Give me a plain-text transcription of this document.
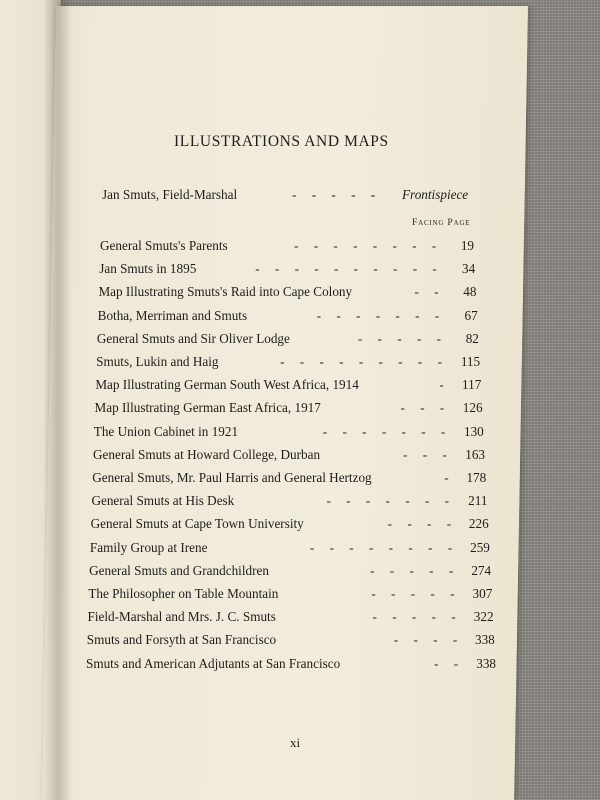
ILLUSTRATIONS AND MAPS
Jan Smuts, Field-Marshal	- - - - - Frontispiece
Facing Page
General Smuts's Parents	19
- - - - - - - -
Jan Smuts in 1895	34
- - - - - - - - - -
Map Illustrating Smuts's Raid into Cape Colony	48
- -
Botha, Merriman and Smuts	67
- - - - - - -
General Smuts and Sir Oliver Lodge	82
- - - - -
Smuts, Lukin and Haig	115
- - - - - - - - -
Map Illustrating German South West Africa, 1914	117
-
Map Illustrating German East Africa, 1917	126
- - -
The Union Cabinet in 1921	130
- - - - - - -
General Smuts at Howard College, Durban	163
- - -
General Smuts, Mr. Paul Harris and General Hertzog	178
-
General Smuts at His Desk	211
- - - - - - -
General Smuts at Cape Town University	226
- - - -
Family Group at Irene	259
- - - - - - - -
General Smuts and Grandchildren	274
- - - - -
The Philosopher on Table Mountain	307
- - - - -
Field-Marshal and Mrs. J. C. Smuts	322
- - - - -
Smuts and Forsyth at San Francisco	338
- - - -
Smuts and American Adjutants at San Francisco	338
- -
xi
